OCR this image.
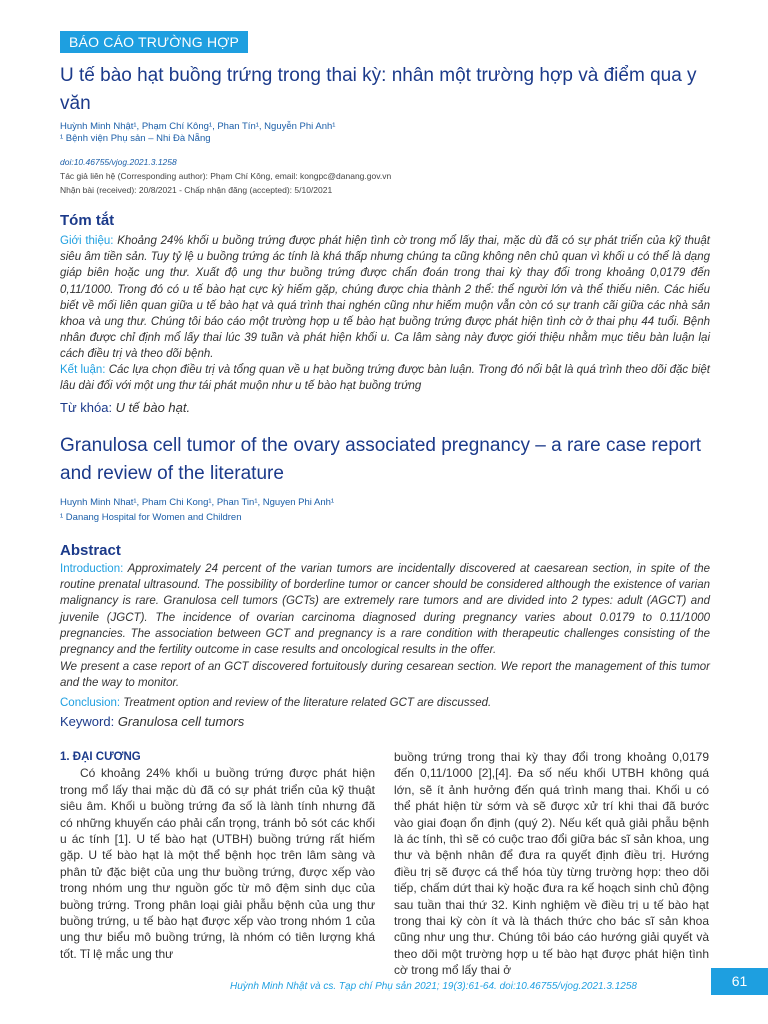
BÁO CÁO TRƯỜNG HỢP
U tế bào hạt buồng trứng trong thai kỳ: nhân một trường hợp và điểm qua y văn
Huỳnh Minh Nhật¹, Phạm Chí Kông¹, Phan Tín¹, Nguyễn Phi Anh¹
¹ Bệnh viện Phụ sản – Nhi Đà Nẵng
doi:10.46755/vjog.2021.3.1258
Tác giả liên hệ (Corresponding author): Phạm Chí Kông, email: kongpc@danang.gov.vn
Nhận bài (received): 20/8/2021 - Chấp nhận đăng (accepted): 5/10/2021
Tóm tắt
Giới thiệu: Khoảng 24% khối u buồng trứng được phát hiện tình cờ trong mổ lấy thai, mặc dù đã có sự phát triển của kỹ thuật siêu âm tiền sản. Tuy tỷ lệ u buồng trứng ác tính là khá thấp nhưng chúng ta cũng không nên chủ quan vì khối u có thể là dạng giáp biên hoặc ung thư. Xuất độ ung thư buồng trứng được chẩn đoán trong thai kỳ thay đổi trong khoảng 0,0179 đến 0,11/1000. Trong đó có u tế bào hạt cực kỳ hiếm gặp, chúng được chia thành 2 thể: thể người lớn và thể thiếu niên. Các hiểu biết về mối liên quan giữa u tế bào hạt và quá trình thai nghén cũng như hiếm muộn vẫn còn có sự tranh cãi giữa các nhà sản khoa và ung thư. Chúng tôi báo cáo một trường hợp u tế bào hạt buồng trứng được phát hiện tình cờ ở thai phụ 44 tuổi. Bệnh nhân được chỉ định mổ lấy thai lúc 39 tuần và phát hiện khối u. Ca lâm sàng này được giới thiệu nhằm mục tiêu bàn luận lại cách điều trị và theo dõi bệnh.
Kết luận: Các lựa chọn điều trị và tổng quan về u hạt buồng trứng được bàn luận. Trong đó nổi bật là quá trình theo dõi đặc biệt lâu dài đối với một ung thư tái phát muộn như u tế bào hạt buồng trứng
Từ khóa: U tế bào hạt.
Granulosa cell tumor of the ovary associated pregnancy – a rare case report and review of the literature
Huynh Minh Nhat¹, Pham Chi Kong¹, Phan Tin¹, Nguyen Phi Anh¹
¹ Danang Hospital for Women and Children
Abstract
Introduction: Approximately 24 percent of the varian tumors are incidentally discovered at caesarean section, in spite of the routine prenatal ultrasound. The possibility of borderline tumor or cancer should be considered although the existence of varian malignancy is rare. Granulosa cell tumors (GCTs) are extremely rare tumors and are divided into 2 types: adult (AGCT) and juvenile (JGCT). The incidence of ovarian carcinoma diagnosed during pregnancy varies about 0.0179 to 0.11/1000 pregnancies. The association between GCT and pregnancy is a rare condition with therapeutic challenges consisting of the pregnancy and the fertility outcome in case results and oncological results in the offer.
We present a case report of an GCT discovered fortuitously during cesarean section. We report the management of this tumor and the way to monitor.
Conclusion: Treatment option and review of the literature related GCT are discussed.
Keyword: Granulosa cell tumors
1. ĐẠI CƯƠNG
Có khoảng 24% khối u buồng trứng được phát hiện trong mổ lấy thai mặc dù đã có sự phát triển của kỹ thuật siêu âm. Khối u buồng trứng đa số là lành tính nhưng đã có những khuyến cáo phải cẩn trọng, tránh bỏ sót các khối u ác tính [1]. U tế bào hạt (UTBH) buồng trứng rất hiếm gặp. U tế bào hạt là một thể bệnh học trên lâm sàng và phân tử đặc biệt của ung thư buồng trứng, được xếp vào trong nhóm ung thư nguồn gốc từ mô đệm sinh dục của buồng trứng. Trong phân loại giải phẫu bệnh của ung thư buồng trứng, u tế bào hạt được xếp vào trong nhóm 1 của ung thư biểu mô buồng trứng, là nhóm có tiên lượng khá tốt. Tỉ lệ mắc ung thư
buồng trứng trong thai kỳ thay đổi trong khoảng 0,0179 đến 0,11/1000 [2],[4]. Đa số nếu khối UTBH không quá lớn, sẽ ít ảnh hưởng đến quá trình mang thai. Khối u có thể phát hiện từ sớm và sẽ được xử trí khi thai đã bước vào giai đoạn ổn định (quý 2). Nếu kết quả giải phẫu bệnh là ác tính, thì sẽ có cuộc trao đổi giữa bác sĩ sản khoa, ung thư và bệnh nhân để đưa ra quyết định điều trị. Hướng điều trị sẽ được cá thể hóa tùy từng trường hợp: theo dõi tiếp, chấm dứt thai kỳ hoặc đưa ra kế hoạch sinh chủ động sau tuần thai thứ 32. Kinh nghiệm về điều trị u tế bào hạt trong thai kỳ còn ít và là thách thức cho bác sĩ sản khoa cũng như ung thư. Chúng tôi báo cáo hướng giải quyết và theo dõi một trường hợp u tế bào hạt được phát hiện tình cờ trong mổ lấy thai ở
Huỳnh Minh Nhật và cs. Tạp chí Phụ sản 2021; 19(3):61-64. doi:10.46755/vjog.2021.3.1258	61
